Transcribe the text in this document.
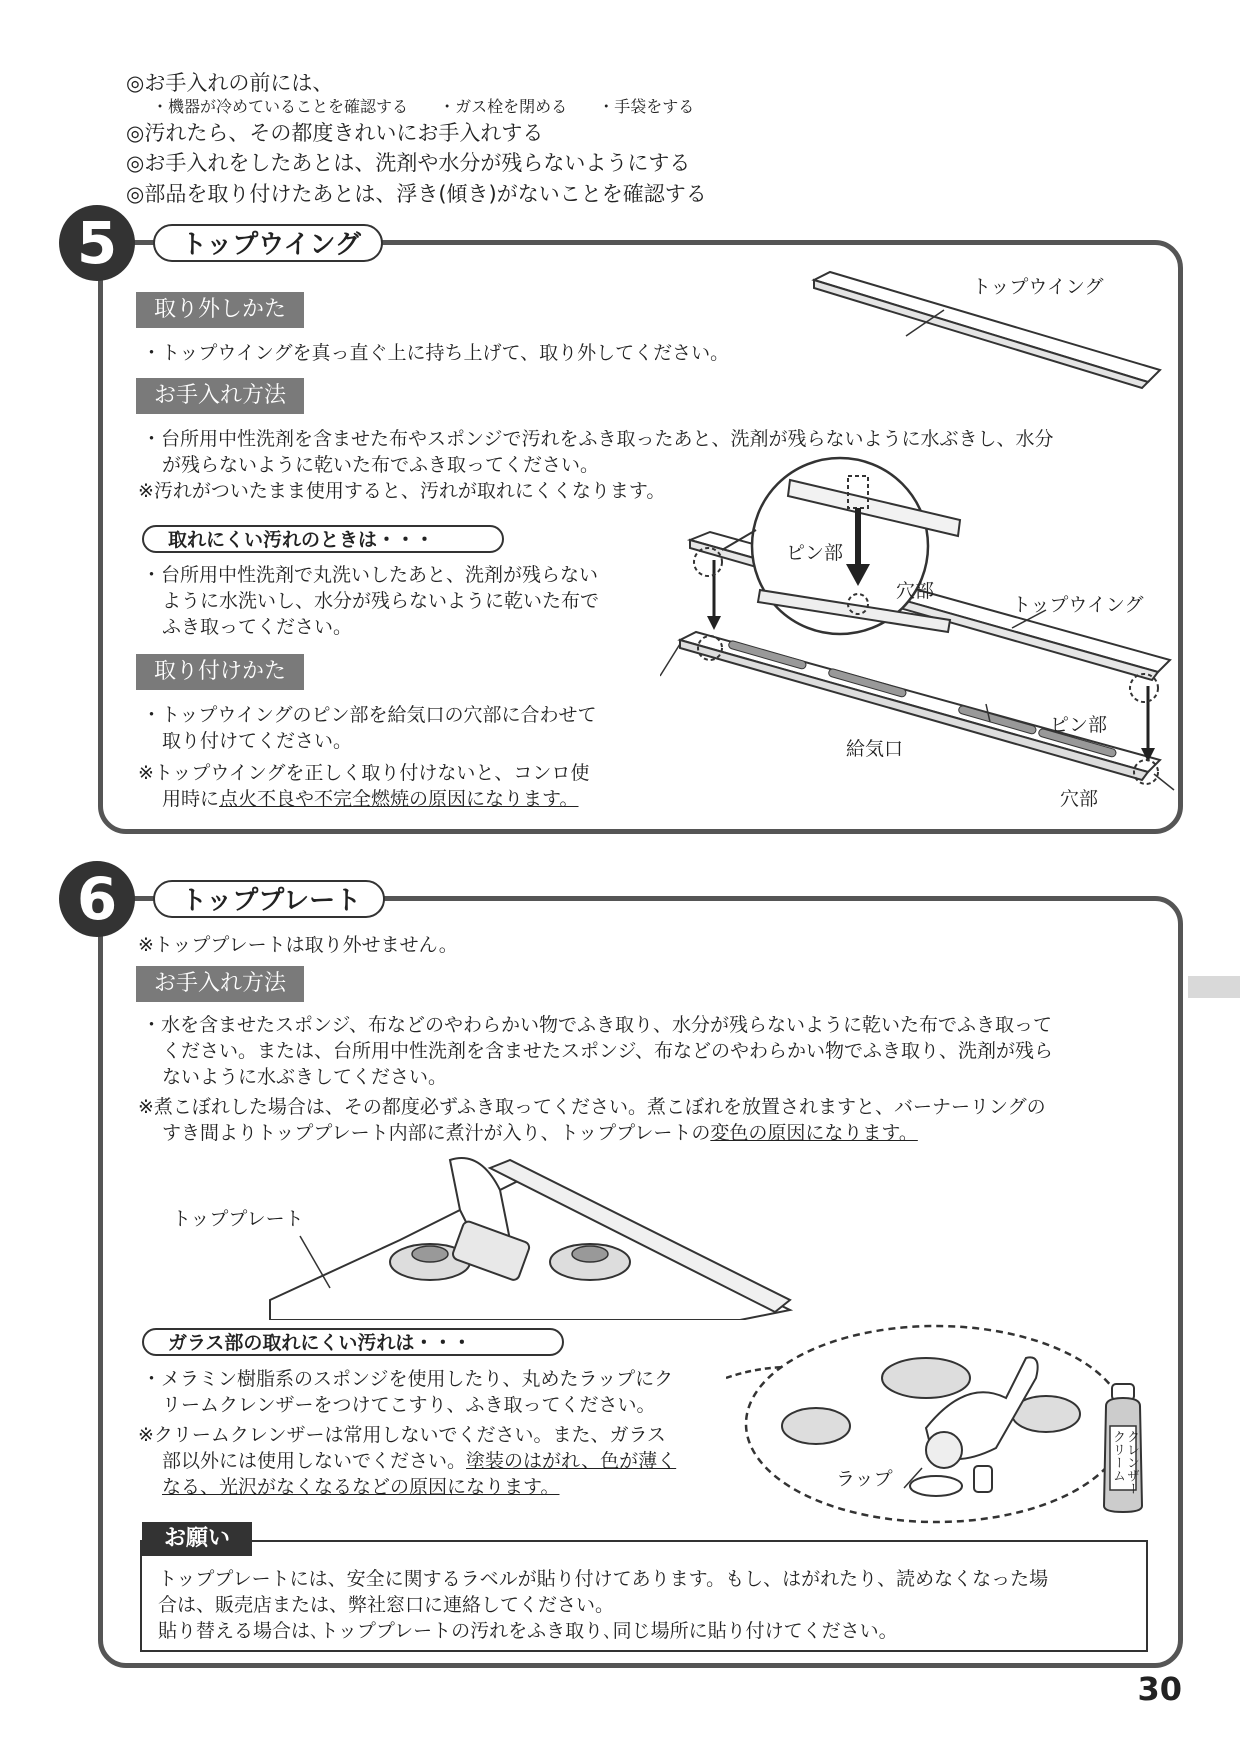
◎お手入れの前には、
・機器が冷めていることを確認する ・ガス栓を閉める ・手袋をする
◎汚れたら、その都度きれいにお手入れする
◎お手入れをしたあとは、洗剤や水分が残らないようにする
◎部品を取り付けたあとは、浮き(傾き)がないことを確認する
5	トップウイング
取り外しかた
・トップウイングを真っ直ぐ上に持ち上げて、取り外してください。
お手入れ方法
・台所用中性洗剤を含ませた布やスポンジで汚れをふき取ったあと、洗剤が残らないように水ぶきし、水分
が残らないように乾いた布でふき取ってください。
※汚れがついたまま使用すると、汚れが取れにくくなります。
取れにくい汚れのときは・・・
・台所用中性洗剤で丸洗いしたあと、洗剤が残らない
ように水洗いし、水分が残らないように乾いた布で
ふき取ってください。
取り付けかた
・トップウイングのピン部を給気口の穴部に合わせて
取り付けてください。
※トップウイングを正しく取り付けないと、コンロ使
用時に点火不良や不完全燃焼の原因になります。
トップウイング
ピン部
穴部
トップウイング
ピン部
給気口
穴部
6	トッププレート
※トッププレートは取り外せません。
お手入れ方法
・水を含ませたスポンジ、布などのやわらかい物でふき取り、水分が残らないように乾いた布でふき取って
ください。または、台所用中性洗剤を含ませたスポンジ、布などのやわらかい物でふき取り、洗剤が残ら
ないように水ぶきしてください。
※煮こぼれした場合は、その都度必ずふき取ってください。煮こぼれを放置されますと、バーナーリングの
すき間よりトッププレート内部に煮汁が入り、トッププレートの変色の原因になります。
トッププレート
ガラス部の取れにくい汚れは・・・
・メラミン樹脂系のスポンジを使用したり、丸めたラップにク
リームクレンザーをつけてこすり、ふき取ってください。
※クリームクレンザーは常用しないでください。また、ガラス
部以外には使用しないでください。塗装のはがれ、色が薄く
なる、光沢がなくなるなどの原因になります。	クレンザー クリーム
ラップ
お願い
トッププレートには、安全に関するラベルが貼り付けてあります。もし、はがれたり、読めなくなった場
合は、販売店または、弊社窓口に連絡してください。
貼り替える場合は､トッププレートの汚れをふき取り､同じ場所に貼り付けてください｡
30
